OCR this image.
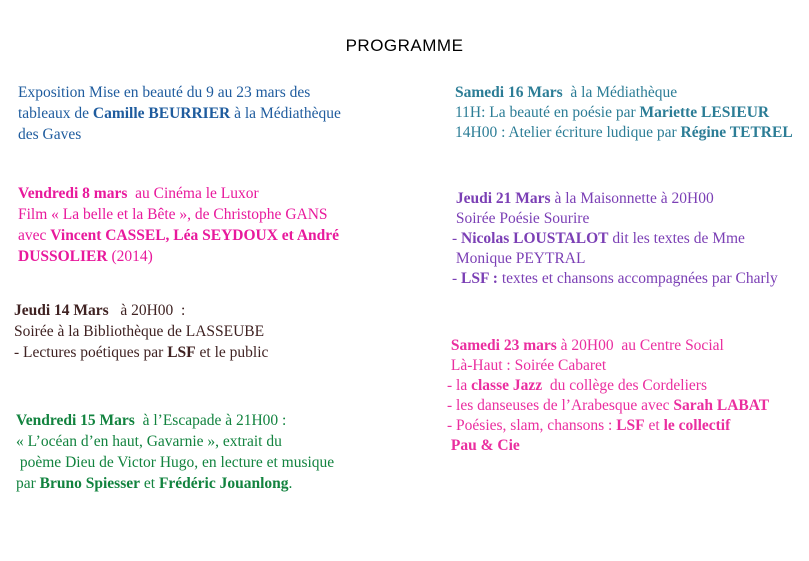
PROGRAMME
Exposition Mise en beauté du 9 au 23 mars des
tableaux de Camille BEURRIER à la Médiathèque
des Gaves
Vendredi 8 mars  au Cinéma le Luxor
Film « La belle et la Bête », de Christophe GANS
avec Vincent CASSEL, Léa SEYDOUX et André
DUSSOLIER (2014)
Jeudi 14 Mars   à 20H00  :
Soirée à la Bibliothèque de LASSEUBE
- Lectures poétiques par LSF et le public
Vendredi 15 Mars  à l’Escapade à 21H00 :
« L’océan d’en haut, Gavarnie », extrait du
poème Dieu de Victor Hugo, en lecture et musique
par Bruno Spiesser et Frédéric Jouanlong.
Samedi 16 Mars  à la Médiathèque
11H: La beauté en poésie par Mariette LESIEUR
14H00 : Atelier écriture ludique par Régine TETREL
Jeudi 21 Mars à la Maisonnette à 20H00
Soirée Poésie Sourire
- Nicolas LOUSTALOT dit les textes de Mme
Monique PEYTRAL
- LSF : textes et chansons accompagnées par Charly
Samedi 23 mars à 20H00  au Centre Social
Là-Haut : Soirée Cabaret
- la classe Jazz  du collège des Cordeliers
- les danseuses de l’Arabesque avec Sarah LABAT
- Poésies, slam, chansons : LSF et le collectif
Pau & Cie
